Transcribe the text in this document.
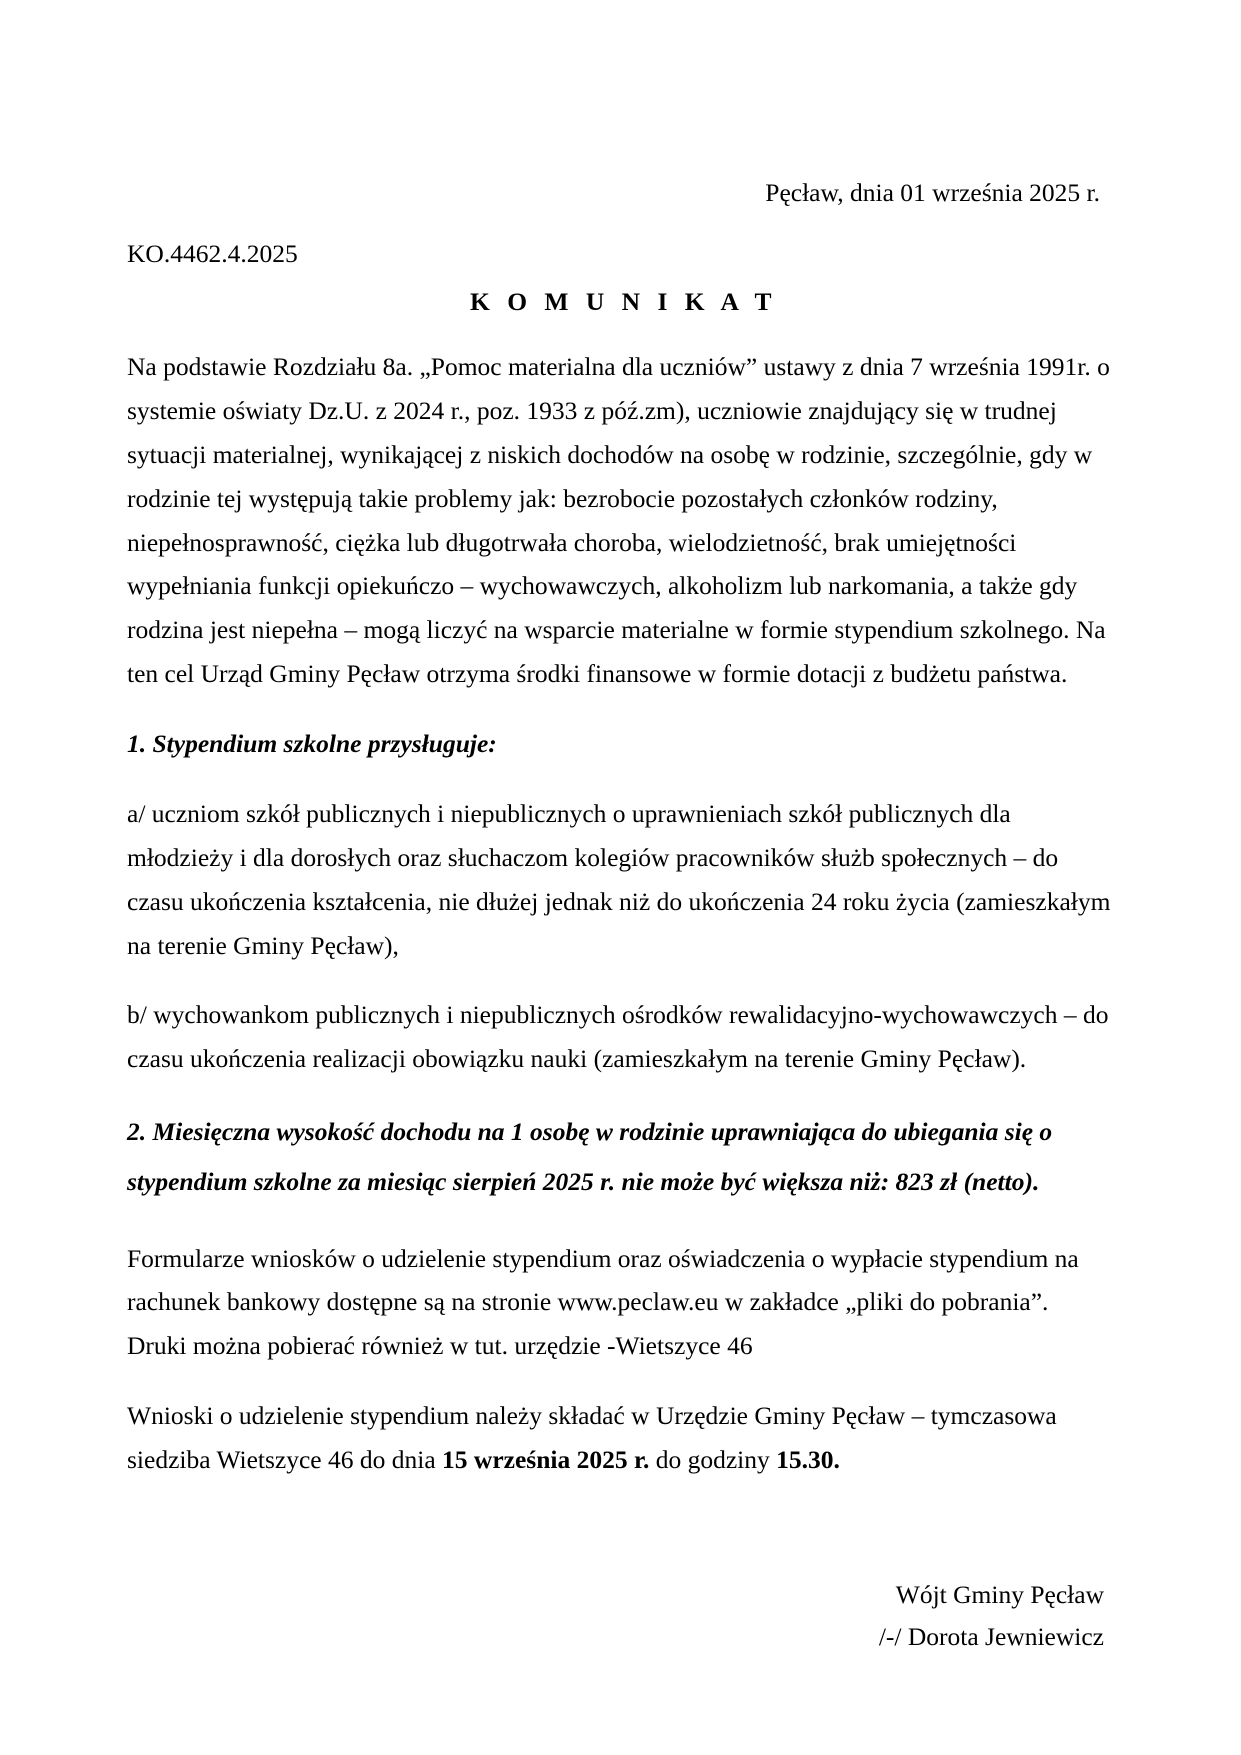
Pęcław, dnia 01 września 2025 r.
KO.4462.4.2025
K O M U N I K A T

Na podstawie Rozdziału 8a. „Pomoc materialna dla uczniów” ustawy z dnia 7 września 1991r. o systemie oświaty Dz.U. z 2024 r., poz. 1933 z póź.zm), uczniowie znajdujący się w trudnej sytuacji materialnej, wynikającej z niskich dochodów na osobę w rodzinie, szczególnie, gdy w rodzinie tej występują takie problemy jak: bezrobocie pozostałych członków rodziny, niepełnosprawność, ciężka lub długotrwała choroba, wielodzietność, brak umiejętności wypełniania funkcji opiekuńczo – wychowawczych, alkoholizm lub narkomania, a także gdy rodzina jest niepełna – mogą liczyć na wsparcie materialne w formie stypendium szkolnego. Na ten cel Urząd Gminy Pęcław otrzyma środki finansowe w formie dotacji z budżetu państwa.

1. Stypendium szkolne przysługuje:

a/ uczniom szkół publicznych i niepublicznych o uprawnieniach szkół publicznych dla młodzieży i dla dorosłych oraz słuchaczom kolegiów pracowników służb społecznych – do czasu ukończenia kształcenia, nie dłużej jednak niż do ukończenia 24 roku życia (zamieszkałym na terenie Gminy Pęcław),

b/ wychowankom publicznych i niepublicznych ośrodków rewalidacyjno-wychowawczych – do czasu ukończenia realizacji obowiązku nauki (zamieszkałym na terenie Gminy Pęcław).

2. Miesięczna wysokość dochodu na 1 osobę w rodzinie uprawniająca do ubiegania się o stypendium szkolne za miesiąc sierpień 2025 r. nie może być większa niż: 823 zł (netto).

Formularze wniosków o udzielenie stypendium oraz oświadczenia o wypłacie stypendium na rachunek bankowy dostępne są na stronie www.peclaw.eu w zakładce „pliki do pobrania”. Druki można pobierać również w tut. urzędzie -Wietszyce 46

Wnioski o udzielenie stypendium należy składać w Urzędzie Gminy Pęcław – tymczasowa siedziba Wietszyce 46 do dnia 15 września 2025 r. do godziny 15.30.

Wójt Gminy Pęcław
/-/ Dorota Jewniewicz
